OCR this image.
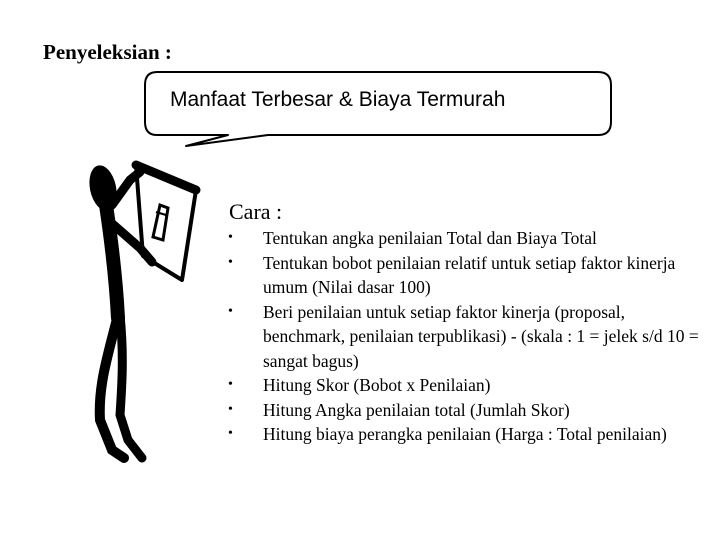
Penyeleksian :
Manfaat Terbesar & Biaya Termurah
Cara :
• Tentukan angka penilaian Total dan Biaya Total
• Tentukan bobot penilaian relatif untuk setiap faktor kinerja umum (Nilai dasar 100)
• Beri penilaian untuk setiap faktor kinerja (proposal, benchmark, penilaian terpublikasi) - (skala : 1 = jelek s/d 10 = sangat bagus)
• Hitung Skor (Bobot x Penilaian)
• Hitung Angka penilaian total (Jumlah Skor)
• Hitung biaya perangka penilaian (Harga : Total penilaian)
